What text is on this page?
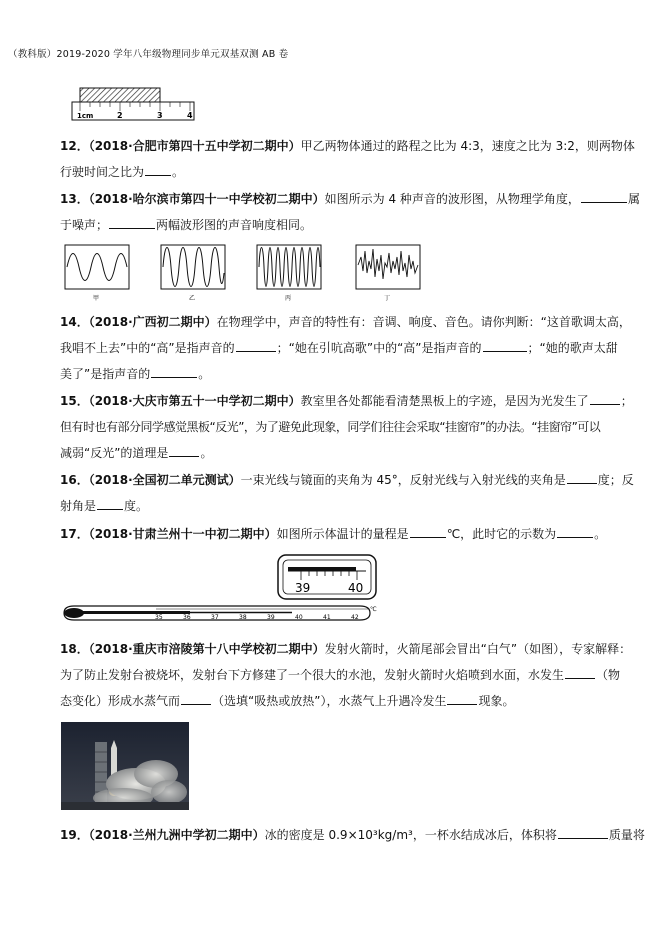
（教科版）2019-2020 学年八年级物理同步单元双基双测 AB 卷
1cm	2	3	4
12．（2018·合肥市第四十五中学初二期中）甲乙两物体通过的路程之比为 4:3，速度之比为 3:2，则两物体
行驶时间之比为 。
13．（2018·哈尔滨市第四十一中学校初二期中）如图所示为 4 种声音的波形图，从物理学角度，	属
于噪声；	两幅波形图的声音响度相同。
甲	乙	丙	丁
14．（2018·广西初二期中）在物理学中，声音的特性有：音调、响度、音色。请你判断：“这首歌调太高，
我唱不上去”中的“高”是指声音的	；“她在引吭高歌”中的“高”是指声音的	；“她的歌声太甜
美了”是指声音的	。
15．（2018·大庆市第五十一中学初二期中）教室里各处都能看清楚黑板上的字迹，是因为光发生了	；
但有时也有部分同学感觉黑板“反光”，为了避免此现象，同学们往往会采取“挂窗帘”的办法。“挂窗帘”可以
减弱“反光”的道理是	。
16．（2018·全国初二单元测试）一束光线与镜面的夹角为 45°，反射光线与入射光线的夹角是	度；反
射角是 度。
17．（2018·甘肃兰州十一中初二期中）如图所示体温计的量程是	℃，此时它的示数为	。
39	40
35	36	37	38	39	40	41	42
℃
18．（2018·重庆市涪陵第十八中学校初二期中）发射火箭时，火箭尾部会冒出“白气”（如图），专家解释：
为了防止发射台被烧坏，发射台下方修建了一个很大的水池，发射火箭时火焰喷到水面，水发生	（物
态变化）形成水蒸气而	（选填“吸热或放热”），水蒸气上升遇冷发生	现象。
19．（2018·兰州九洲中学初二期中）冰的密度是 0.9×10³kg/m³，一杯水结成冰后，体积将	质量将
